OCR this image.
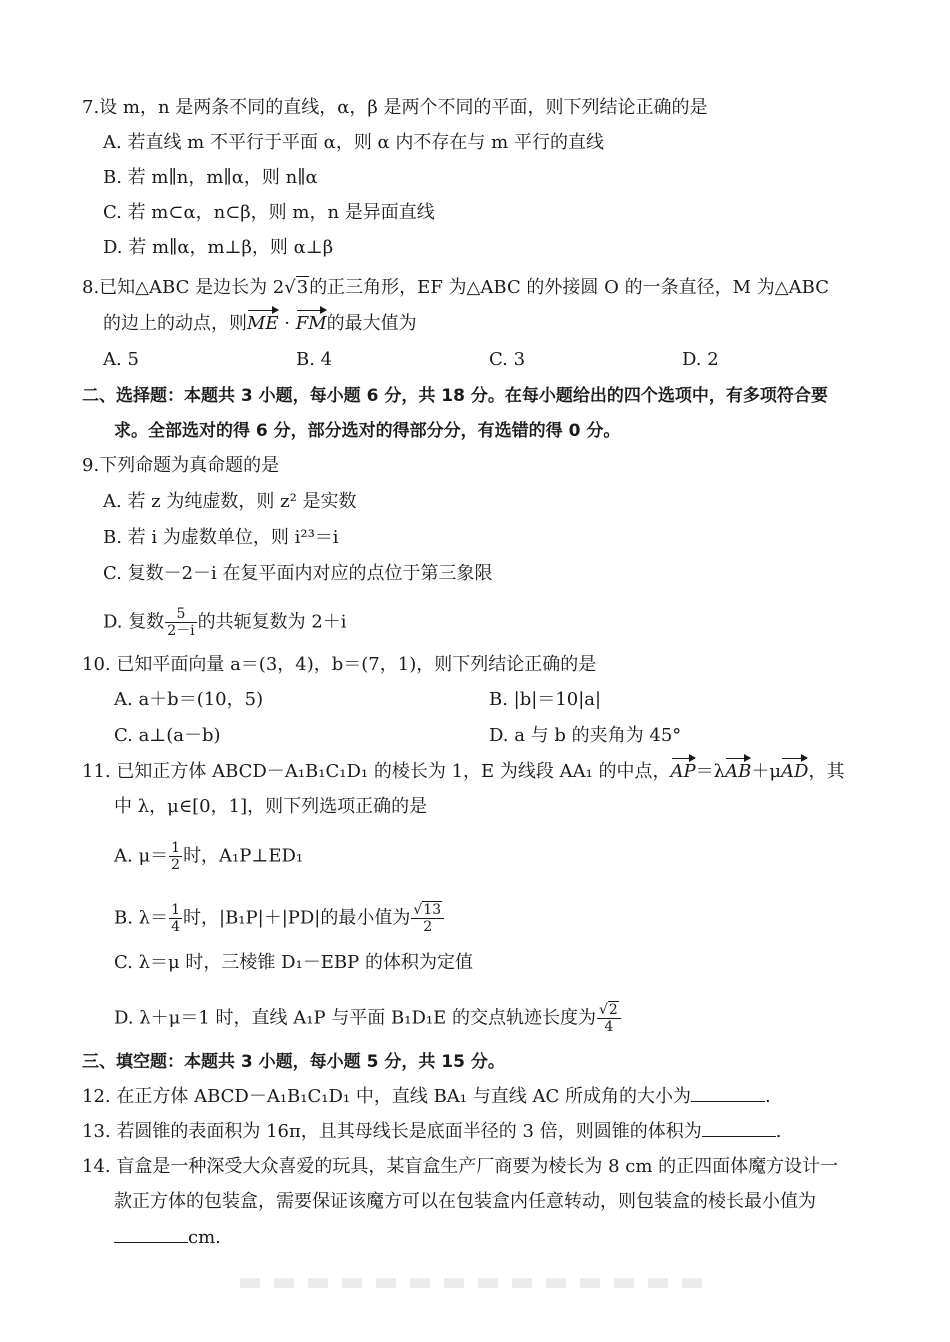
7.设 m，n 是两条不同的直线，α，β 是两个不同的平面，则下列结论正确的是
A. 若直线 m 不平行于平面 α，则 α 内不存在与 m 平行的直线
B. 若 m∥n，m∥α，则 n∥α
C. 若 m⊂α，n⊂β，则 m，n 是异面直线
D. 若 m∥α，m⊥β，则 α⊥β
8.已知△ABC 是边长为 2√3的正三角形，EF 为△ABC 的外接圆 O 的一条直径，M 为△ABC
的边上的动点，则ME · FM的最大值为
A. 5	B. 4	C. 3	D. 2
二、选择题：本题共 3 小题，每小题 6 分，共 18 分。在每小题给出的四个选项中，有多项符合要
求。全部选对的得 6 分，部分选对的得部分分，有选错的得 0 分。
9.下列命题为真命题的是
A. 若 z 为纯虚数，则 z² 是实数
B. 若 i 为虚数单位，则 i²³＝i
C. 复数－2－i 在复平面内对应的点位于第三象限
D. 复数 $\frac{5}{2-i}$ 的共轭复数为 2＋i
10. 已知平面向量 a＝(3，4)，b＝(7，1)，则下列结论正确的是
A. a＋b＝(10，5)	B. |b|＝10|a|
C. a⊥(a－b)	D. a 与 b 的夹角为 45°
11. 已知正方体 ABCD－A₁B₁C₁D₁ 的棱长为 1，E 为线段 AA₁ 的中点，AP＝λAB＋μAD，其
中 λ，μ∈[0，1]，则下列选项正确的是
A. $\mu= \frac{1}{2}$ 时，A₁P⊥ED₁
B. $\lambda= \frac{1}{4}$ 时，|B₁P|＋|PD|的最小值为 $\frac{√13}{2}$
C. λ＝μ 时，三棱锥 D₁－EBP 的体积为定值
D. λ＋μ＝1 时，直线 A₁P 与平面 B₁D₁E 的交点轨迹长度为 $\frac{√2}{4}$
三、填空题：本题共 3 小题，每小题 5 分，共 15 分。
12. 在正方体 ABCD－A₁B₁C₁D₁ 中，直线 BA₁ 与直线 AC 所成角的大小为	.
13. 若圆锥的表面积为 16π，且其母线长是底面半径的 3 倍，则圆锥的体积为	.
14. 盲盒是一种深受大众喜爱的玩具，某盲盒生产厂商要为棱长为 8 cm 的正四面体魔方设计一
款正方体的包装盒，需要保证该魔方可以在包装盒内任意转动，则包装盒的棱长最小值为
cm.
